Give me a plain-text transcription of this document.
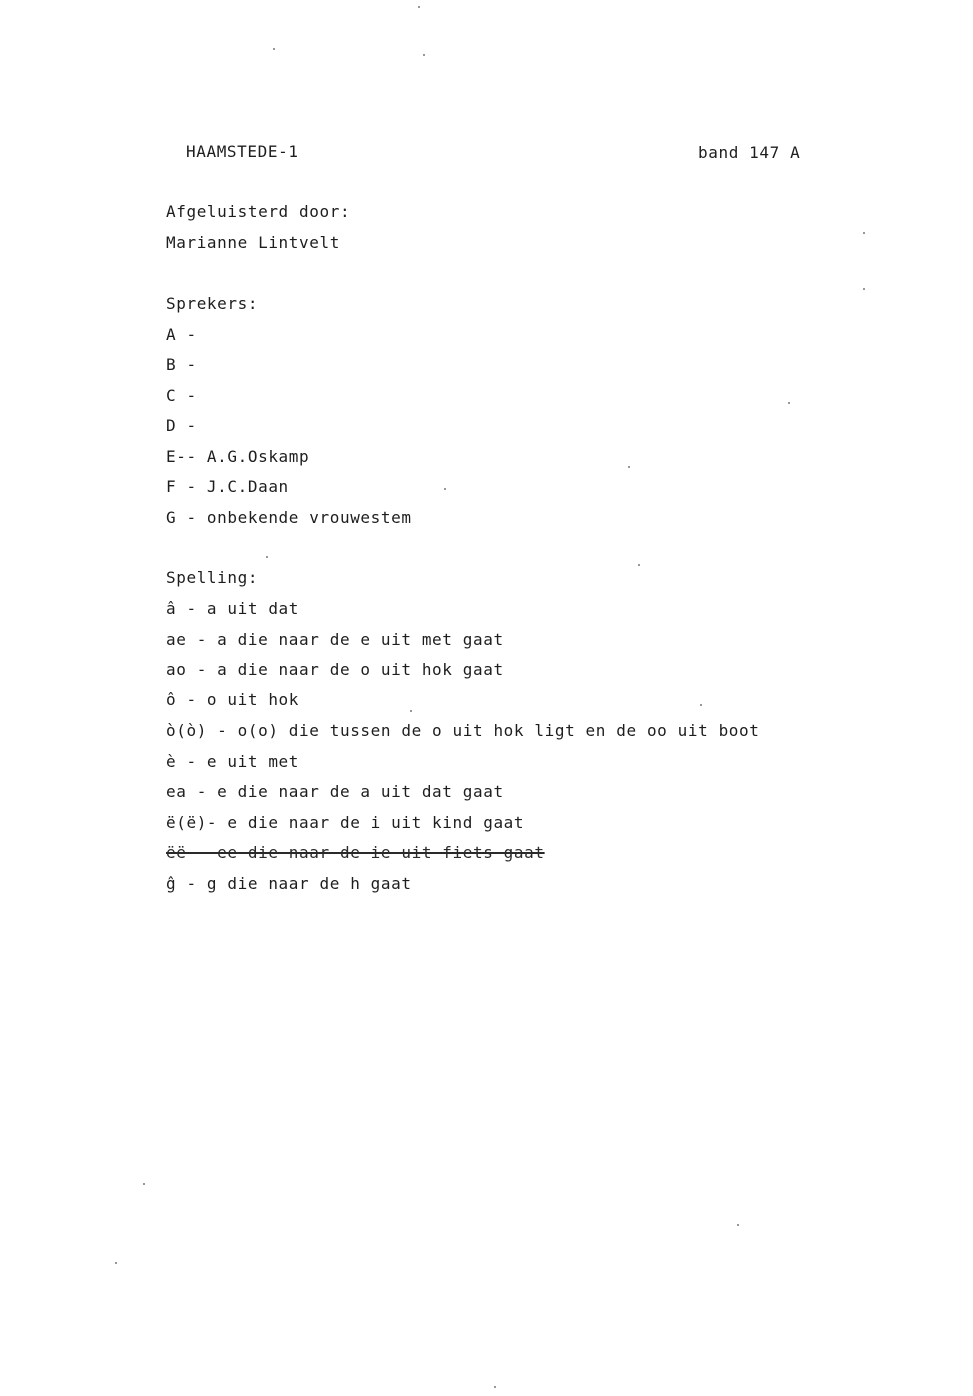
HAAMSTEDE-1	band 147 A
Afgeluisterd door:
Marianne Lintvelt
Sprekers:
A -
B -
C -
D -
E-- A.G.Oskamp
F - J.C.Daan
G - onbekende vrouwestem
Spelling:
â - a uit dat
ae - a die naar de e uit met gaat
ao - a die naar de o uit hok gaat
ô - o uit hok
ò(ò) - o(o) die tussen de o uit hok ligt en de oo uit boot
è - e uit met
ea - e die naar de a uit dat gaat
ë(ë)- e die naar de i uit kind gaat
ëë - ee die naar de ie uit fiets gaat
ĝ - g die naar de h gaat
